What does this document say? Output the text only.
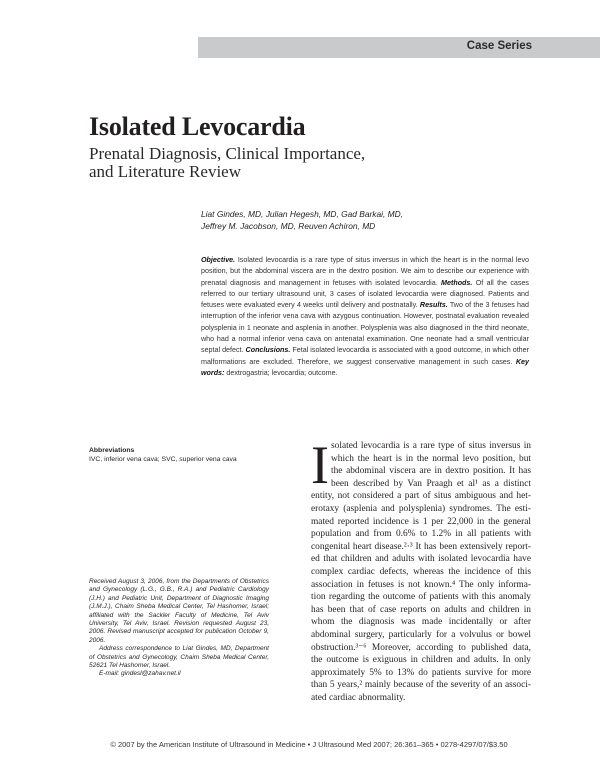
Case Series
Isolated Levocardia
Prenatal Diagnosis, Clinical Importance,
and Literature Review
Liat Gindes, MD, Julian Hegesh, MD, Gad Barkai, MD,
Jeffrey M. Jacobson, MD, Reuven Achiron, MD
Objective. Isolated levocardia is a rare type of situs inversus in which the heart is in the normal levo position, but the abdominal viscera are in the dextro position. We aim to describe our experience with prenatal diagnosis and management in fetuses with isolated levocardia. Methods. Of all the cases referred to our tertiary ultrasound unit, 3 cases of isolated levocardia were diagnosed. Patients and fetuses were evaluated every 4 weeks until delivery and postnatally. Results. Two of the 3 fetuses had interruption of the inferior vena cava with azygous continuation. However, postnatal evaluation revealed polysplenia in 1 neonate and asplenia in another. Polysplenia was also diagnosed in the third neonate, who had a normal inferior vena cava on antenatal examination. One neonate had a small ventricular septal defect. Conclusions. Fetal isolated levocardia is associated with a good outcome, in which other malformations are excluded. Therefore, we suggest conservative management in such cases. Key words: dextrogastria; levocardia; outcome.
Abbreviations
IVC, inferior vena cava; SVC, superior vena cava

Received August 3, 2006, from the Departments of Obstetrics and Gynecology (L.G., G.B., R.A.) and Pediatric Cardiology (J.H.) and Pediatric Unit, Department of Diagnostic Imaging (J.M.J.), Chaim Sheba Medical Center, Tel Hashomer, Israel; affiliated with the Sackler Faculty of Medicine, Tel Aviv University, Tel Aviv, Israel. Revision requested August 23, 2006. Revised manuscript accepted for publication October 9, 2006.

Address correspondence to Liat Gindes, MD, Department of Obstetrics and Gynecology, Chaim Sheba Medical Center, 52621 Tel Hashomer, Israel.

E-mail: gindesl@zahav.net.il

I solated levocardia is a rare type of situs inversus in
which the heart is in the normal levo position, but
the abdominal viscera are in dextro position. It has
been described by Van Praagh et al¹ as a distinct
entity, not considered a part of situs ambiguous and het-
erotaxy (asplenia and polysplenia) syndromes. The esti-
mated reported incidence is 1 per 22,000 in the general
population and from 0.6% to 1.2% in all patients with
congenital heart disease.²·³ It has been extensively report-
ed that children and adults with isolated levocardia have
complex cardiac defects, whereas the incidence of this
association in fetuses is not known.⁴ The only informa-
tion regarding the outcome of patients with this anomaly
has been that of case reports on adults and children in
whom the diagnosis was made incidentally or after
abdominal surgery, particularly for a volvulus or bowel
obstruction.³⁻⁶ Moreover, according to published data,
the outcome is exiguous in children and adults. In only
approximately 5% to 13% do patients survive for more
than 5 years,² mainly because of the severity of an associ-
ated cardiac abnormality.
© 2007 by the American Institute of Ultrasound in Medicine • J Ultrasound Med 2007; 26:361–365 • 0278-4297/07/$3.50
